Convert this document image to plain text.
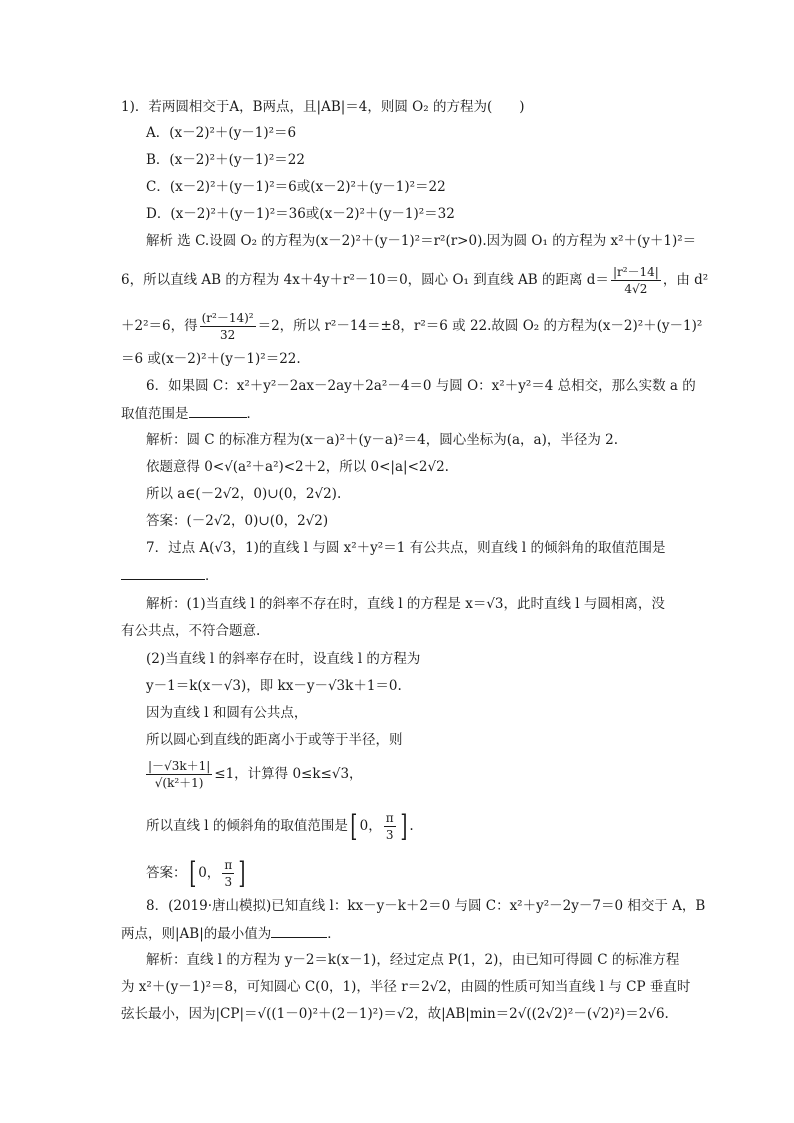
1)．若两圆相交于A，B两点，且|AB|＝4，则圆 O₂ 的方程为(　　)
A．(x－2)²＋(y－1)²＝6
B．(x－2)²＋(y－1)²＝22
C．(x－2)²＋(y－1)²＝6或(x－2)²＋(y－1)²＝22
D．(x－2)²＋(y－1)²＝36或(x－2)²＋(y－1)²＝32
解析 选 C.设圆 O₂ 的方程为(x－2)²＋(y－1)²＝r²(r>0).因为圆 O₁ 的方程为 x²＋(y＋1)²＝
6，所以直线 AB 的方程为 4x＋4y＋r²－10＝0，圆心 O₁ 到直线 AB 的距离 $d= \frac{\text{|r²－14|}}{4√2}$ ，由 d²
＋2²＝6，得 $\frac{\text{(r²－14)²}}{32} =2$，所以 r²－14＝±8，r²＝6 或 22.故圆 O₂ 的方程为(x－2)²＋(y－1)²
＝6 或(x－2)²＋(y－1)²＝22.
6．如果圆 C：x²＋y²－2ax－2ay＋2a²－4＝0 与圆 O：x²＋y²＝4 总相交，那么实数 a 的
取值范围是	．
解析：圆 C 的标准方程为(x－a)²＋(y－a)²＝4，圆心坐标为(a，a)，半径为 2.
依题意得 0<√(a²＋a²)<2＋2，所以 0<|a|<2√2.
所以 a∈(－2√2，0)∪(0，2√2).
答案：(－2√2，0)∪(0，2√2)
7．过点 A(√3，1)的直线 l 与圆 x²＋y²＝1 有公共点，则直线 l 的倾斜角的取值范围是
．
解析：(1)当直线 l 的斜率不存在时，直线 l 的方程是 x＝√3，此时直线 l 与圆相离，没
有公共点，不符合题意.
(2)当直线 l 的斜率存在时，设直线 l 的方程为
y－1＝k(x－√3)，即 kx－y－√3k＋1＝0.
因为直线 l 和圆有公共点，
所以圆心到直线的距离小于或等于半径，则
$\frac{|-√3k+1|}{\text{√(k²＋1)}} \le 1$，计算得 0≤k≤√3，
所以直线 l 的倾斜角的取值范围是[ 0， $\frac{\pi}{3}$ ] .
答案：[ 0， $\frac{\pi}{3}$ ]
8．(2019·唐山模拟)已知直线 l：kx－y－k＋2＝0 与圆 C：x²＋y²－2y－7＝0 相交于 A，B
两点，则|AB|的最小值为	．
解析：直线 l 的方程为 y－2＝k(x－1)，经过定点 P(1，2)，由已知可得圆 C 的标准方程
为 x²＋(y－1)²＝8，可知圆心 C(0，1)，半径 r＝2√2，由圆的性质可知当直线 l 与 CP 垂直时
弦长最小，因为|CP|＝√((1－0)²＋(2－1)²)＝√2，故|AB|min＝2√((2√2)²－(√2)²)＝2√6.
